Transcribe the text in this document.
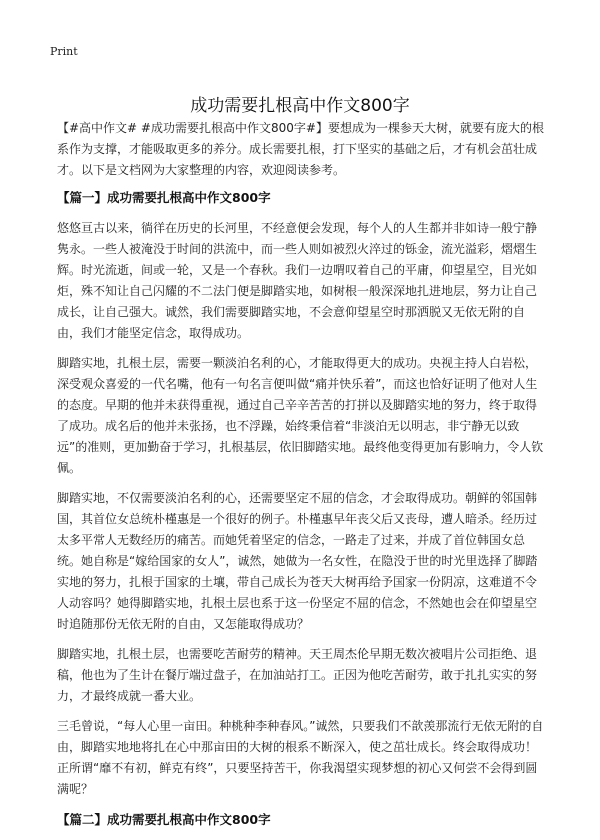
Print
成功需要扎根高中作文800字

【#高中作文# #成功需要扎根高中作文800字#】要想成为一棵参天大树，就要有庞大的根系作为支撑，才能吸取更多的养分。成长需要扎根，打下坚实的基础之后，才有机会茁壮成才。以下是文档网为大家整理的内容，欢迎阅读参考。

【篇一】成功需要扎根高中作文800字

悠悠亘古以来，徜徉在历史的长河里，不经意便会发现，每个人的人生都并非如诗一般宁静隽永。一些人被淹没于时间的洪流中，而一些人则如被烈火淬过的铄金，流光溢彩，熠熠生辉。时光流逝，间或一轮，又是一个春秋。我们一边喟叹着自己的平庸，仰望星空，目光如炬，殊不知让自己闪耀的不二法门便是脚踏实地，如树根一般深深地扎进地层，努力让自己成长，让自己强大。诚然，我们需要脚踏实地，不会意仰望星空时那洒脱又无依无附的自由，我们才能坚定信念，取得成功。

脚踏实地，扎根土层，需要一颗淡泊名利的心，才能取得更大的成功。央视主持人白岩松，深受观众喜爱的一代名嘴，他有一句名言便叫做“痛并快乐着”，而这也恰好证明了他对人生的态度。早期的他并未获得重视，通过自己辛辛苦苦的打拼以及脚踏实地的努力，终于取得了成功。成名后的他并未张扬，也不浮躁，始终秉信着“非淡泊无以明志，非宁静无以致远”的准则，更加勤奋于学习，扎根基层，依旧脚踏实地。最终他变得更加有影响力，令人钦佩。

脚踏实地，不仅需要淡泊名利的心，还需要坚定不屈的信念，才会取得成功。朝鲜的邻国韩国，其首位女总统朴槿惠是一个很好的例子。朴槿惠早年丧父后又丧母，遭人暗杀。经历过太多平常人无数经历的痛苦。而她凭着坚定的信念，一路走了过来，并成了首位韩国女总统。她自称是“嫁给国家的女人”，诚然，她做为一名女性，在隐没于世的时光里选择了脚踏实地的努力，扎根于国家的土壤，带自己成长为苍天大树再给予国家一份阴凉，这难道不令人动容吗？她得脚踏实地，扎根土层也系于这一份坚定不屈的信念，不然她也会在仰望星空时追随那份无依无附的自由，又怎能取得成功？

脚踏实地，扎根土层，也需要吃苦耐劳的精神。天王周杰伦早期无数次被唱片公司拒绝、退稿，他也为了生计在餐厅端过盘子，在加油站打工。正因为他吃苦耐劳，敢于扎扎实实的努力，才最终成就一番大业。

三毛曾说，“每人心里一亩田。种桃种李种春风。”诚然，只要我们不歆羡那流行无依无附的自由，脚踏实地地将扎在心中那亩田的大树的根系不断深入，使之茁壮成长。终会取得成功！正所谓“靡不有初，鲜克有终”，只要坚持苦干，你我渴望实现梦想的初心又何尝不会得到圆满呢？

【篇二】成功需要扎根高中作文800字
